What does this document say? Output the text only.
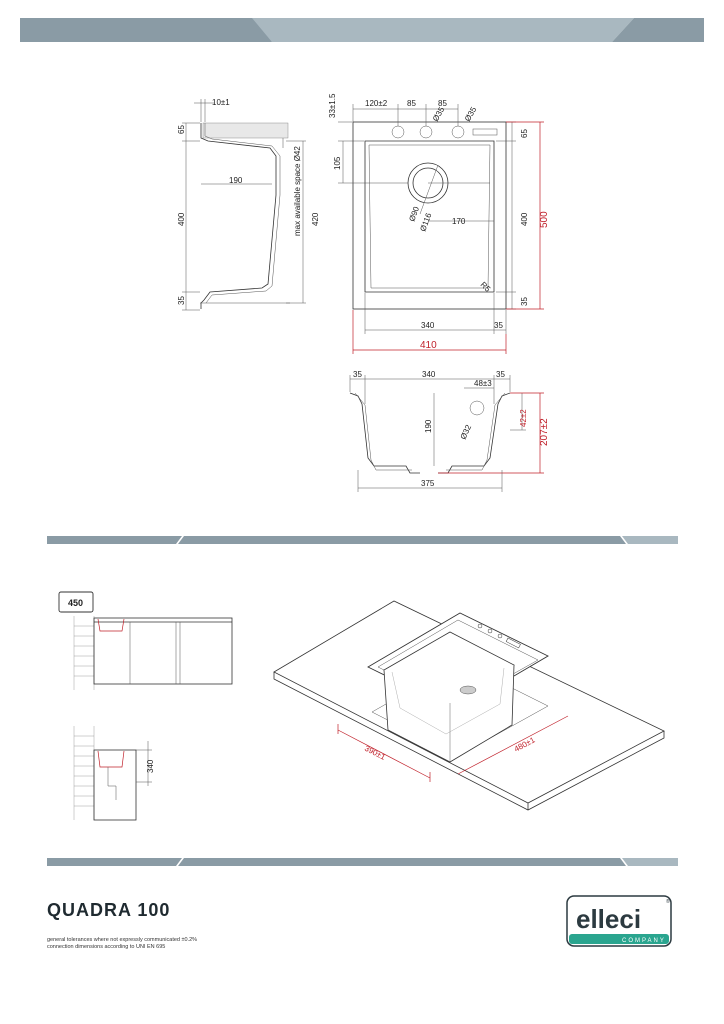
65
400
35
10±1
190	max available space Ø42 420
120±2 85	85
Ø35 Ø35
33±1.5
105
Ø90
Ø116 170
65
400
35
500
R5
340	35
410
35	340	35
48±3
190	Ø32
42±2
207±2
375
450
340
390±1	480±1
QUADRA 100

general tolerances where not expressly communicated ±0.2%

connection dimensions according to UNI EN 695

elleci
COMPANY
®
